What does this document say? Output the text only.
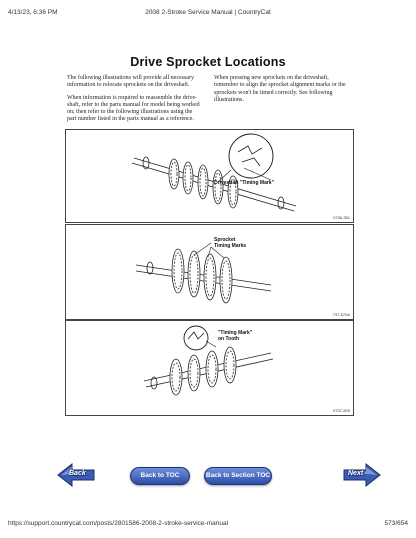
4/13/23, 6:36 PM	2008 2-Stroke Service Manual | CountryCat
Drive Sprocket Locations

The following illustrations will provide all necessary information to relocate sprockets on the driveshaft.

When information is required to reassemble the drive-shaft, refer to the parts manual for model being worked on; then refer to the following illustrations using the part number listed in the parts manual as a reference.

When pressing new sprockets on the driveshaft, remember to align the sprocket alignment marks or the sprockets won't be timed correctly. See following illustrations.

Driveshaft "Timing Mark"
0736-351
Sprocket
Timing Marks
737-670A
"Timing Mark"
on Tooth
0737-829
Back	Back to TOC	Back to Section TOC	Next
https://support.countrycat.com/posts/2801586-2008-2-stroke-service-manual	573/654
